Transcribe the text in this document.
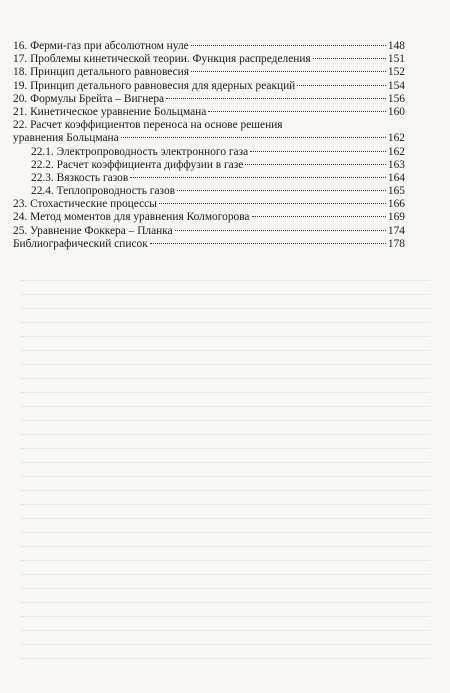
16. Ферми-газ при абсолютном нуле	148
17. Проблемы кинетической теории. Функция распределения	151
18. Принцип детального равновесия	152
19. Принцип детального равновесия для ядерных реакций	154
20. Формулы Брейта – Вигнера	156
21. Кинетическое уравнение Больцмана	160
22. Расчет коэффициентов переноса на основе решения
уравнения Больцмана	162
22.1. Электропроводность электронного газа	162
22.2. Расчет коэффициента диффузии в газе	163
22.3. Вязкость газов	164
22.4. Теплопроводность газов	165
23. Стохастические процессы	166
24. Метод моментов для уравнения Колмогорова	169
25. Уравнение Фоккера – Планка	174
Библиографический список	178
